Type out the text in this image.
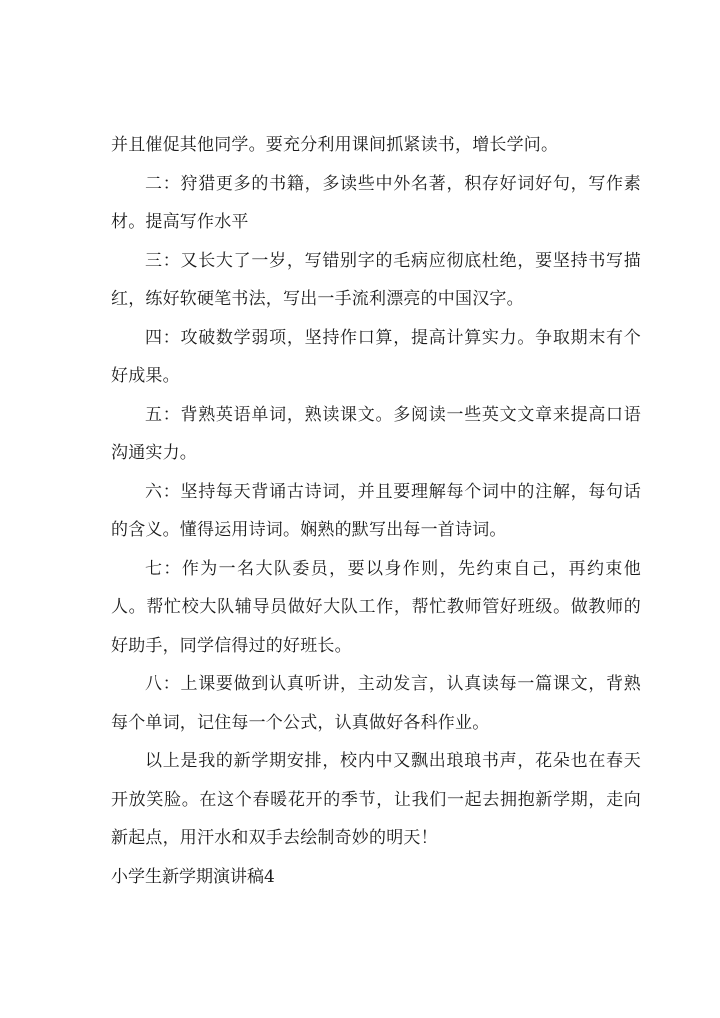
并且催促其他同学。要充分利用课间抓紧读书，增长学问。

二：狩猎更多的书籍，多读些中外名著，积存好词好句，写作素材。提高写作水平

三：又长大了一岁，写错别字的毛病应彻底杜绝，要坚持书写描红，练好软硬笔书法，写出一手流利漂亮的中国汉字。

四：攻破数学弱项，坚持作口算，提高计算实力。争取期末有个好成果。

五：背熟英语单词，熟读课文。多阅读一些英文文章来提高口语沟通实力。

六：坚持每天背诵古诗词，并且要理解每个词中的注解，每句话的含义。懂得运用诗词。娴熟的默写出每一首诗词。

七：作为一名大队委员，要以身作则，先约束自己，再约束他人。帮忙校大队辅导员做好大队工作，帮忙教师管好班级。做教师的好助手，同学信得过的好班长。

八：上课要做到认真听讲，主动发言，认真读每一篇课文，背熟每个单词，记住每一个公式，认真做好各科作业。

以上是我的新学期安排，校内中又飘出琅琅书声，花朵也在春天开放笑脸。在这个春暖花开的季节，让我们一起去拥抱新学期，走向新起点，用汗水和双手去绘制奇妙的明天！

小学生新学期演讲稿4
